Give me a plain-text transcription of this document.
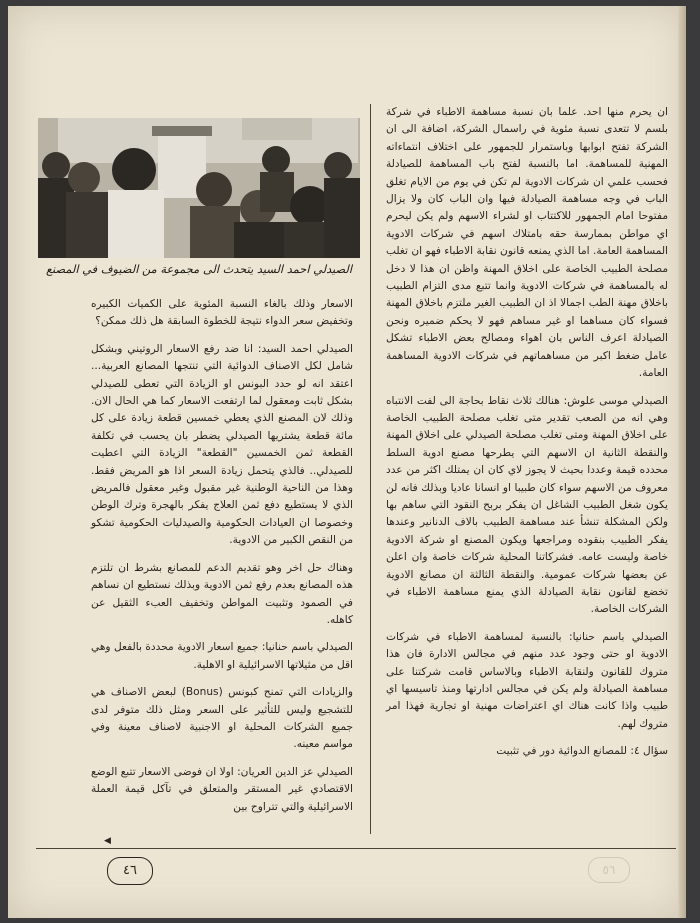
الصيدلي احمد السيد يتحدث الى مجموعة من الضيوف في المصنع

ان يحرم منها احد. علما بان نسبة مساهمة الاطباء في شركة بلسم لا تتعدى نسبة مئوية في راسمال الشركة، اضافة الى ان الشركة تفتح ابوابها وباستمرار للجمهور على اختلاف انتماءاته المهنية للمساهمة. اما بالنسبة لفتح باب المساهمة للصيادلة فحسب علمي ان شركات الادوية لم تكن في يوم من الايام تغلق الباب في وجه مساهمة الصيادلة فيها وان الباب كان ولا يزال مفتوحا امام الجمهور للاكتتاب او لشراء الاسهم ولم يكن ليحرم اي مواطن بممارسة حقه بامتلاك اسهم في شركات الادوية المساهمة العامة. اما الذي يمنعه قانون نقابة الاطباء فهو ان تغلب مصلحة الطبيب الخاصة على اخلاق المهنة واظن ان هذا لا دخل له بالمساهمة في شركات الادوية وانما تتبع مدى التزام الطبيب باخلاق مهنة الطب اجمالا اذ ان الطبيب الغير ملتزم باخلاق المهنة فسواء كان مساهما او غير مساهم فهو لا يحكم ضميره ونحن الصيادلة اعرف الناس بان اهواء ومصالح بعض الاطباء تشكل عامل ضغط اكبر من مساهماتهم في شركات الادوية المساهمة العامة.

الصيدلي موسى علوش: هنالك ثلاث نقاط بحاجة الى لفت الانتباه وهي انه من الصعب تقدير متى تغلب مصلحة الطبيب الخاصة على اخلاق المهنة ومتى تغلب مصلحة الصيدلي على اخلاق المهنة والنقطة الثانية ان الاسهم التي يطرحها مصنع ادوية السلط محدده قيمة وعددا بحيث لا يجوز لاي كان ان يمتلك اكثر من عدد معروف من الاسهم سواء كان طبيبا او انسانا عاديا وبذلك فانه لن يكون شغل الطبيب الشاغل ان يفكر بربح النقود التي ساهم بها ولكن المشكلة تنشأ عند مساهمة الطبيب بالاف الدنانير وعندها يفكر الطبيب بنقوده ومراجعها ويكون المصنع او شركة الادوية خاصة وليست عامه. فشركاتنا المحلية شركات خاصة وان اعلن عن بعضها شركات عمومية. والنقطة الثالثة ان مصانع الادوية تخضع لقانون نقابة الصيادلة الذي يمنع مساهمة الاطباء في الشركات الخاصة.

الصيدلي باسم حنانيا: بالنسبة لمساهمة الاطباء في شركات الادوية او حتى وجود عدد منهم في مجالس الادارة فان هذا متروك للقانون ولنقابة الاطباء وبالاساس قامت شركتنا على مساهمة الصيادلة ولم يكن في مجالس ادارتها ومنذ تاسيسها اي طبيب واذا كانت هناك اي اعتراضات مهنية او تجارية فهذا امر متروك لهم.

سؤال ٤: للمصانع الدوائية دور في تثبيت

الاسعار وذلك بالغاء النسبة المئوية على الكميات الكبيره وتخفيض سعر الدواء نتيجة للخطوة السابقة هل ذلك ممكن؟

الصيدلي احمد السيد: انا ضد رفع الاسعار الروتيني وبشكل شامل لكل الاصناف الدوائية التي تنتجها المصانع العربية... اعتقد انه لو حدد البونس او الزيادة التي تعطى للصيدلي بشكل ثابت ومعقول لما ارتفعت الاسعار كما هي الحال الان. وذلك لان المصنع الذي يعطي خمسين قطعة زيادة على كل مائة قطعة يشتريها الصيدلي يضطر بان يحسب في تكلفة القطعة ثمن الخمسين "القطعة" الزيادة التي اعطيت للصيدلي.. فالذي يتحمل زيادة السعر اذا هو المريض فقط. وهذا من الناحية الوطنية غير مقبول وغير معقول فالمريض الذي لا يستطيع دفع ثمن العلاج يفكر بالهجرة وترك الوطن وخصوصا ان العيادات الحكومية والصيدليات الحكومية تشكو من النقص الكبير من الادوية.

وهناك حل اخر وهو تقديم الدعم للمصانع بشرط ان تلتزم هذه المصانع بعدم رفع ثمن الادوية وبذلك نستطيع ان نساهم في الصمود وتثبيت المواطن وتخفيف العبء الثقيل عن كاهله.

الصيدلي باسم حنانيا: جميع اسعار الادوية محددة بالفعل وهي اقل من مثيلاتها الاسرائيلية او الاهلية.

والزيادات التي تمنح كبونس (Bonus) لبعض الاصناف هي للتشجيع وليس للتأثير على السعر ومثل ذلك متوفر لدى جميع الشركات المحلية او الاجنبية لاصناف معينة وفي مواسم معينه.

الصيدلي عز الدين العريان: اولا ان فوضى الاسعار تتبع الوضع الاقتصادي غير المستقر والمتعلق في تآكل قيمة العملة الاسرائيلية والتي تتراوح بين

◀
٤٦	٥٦
